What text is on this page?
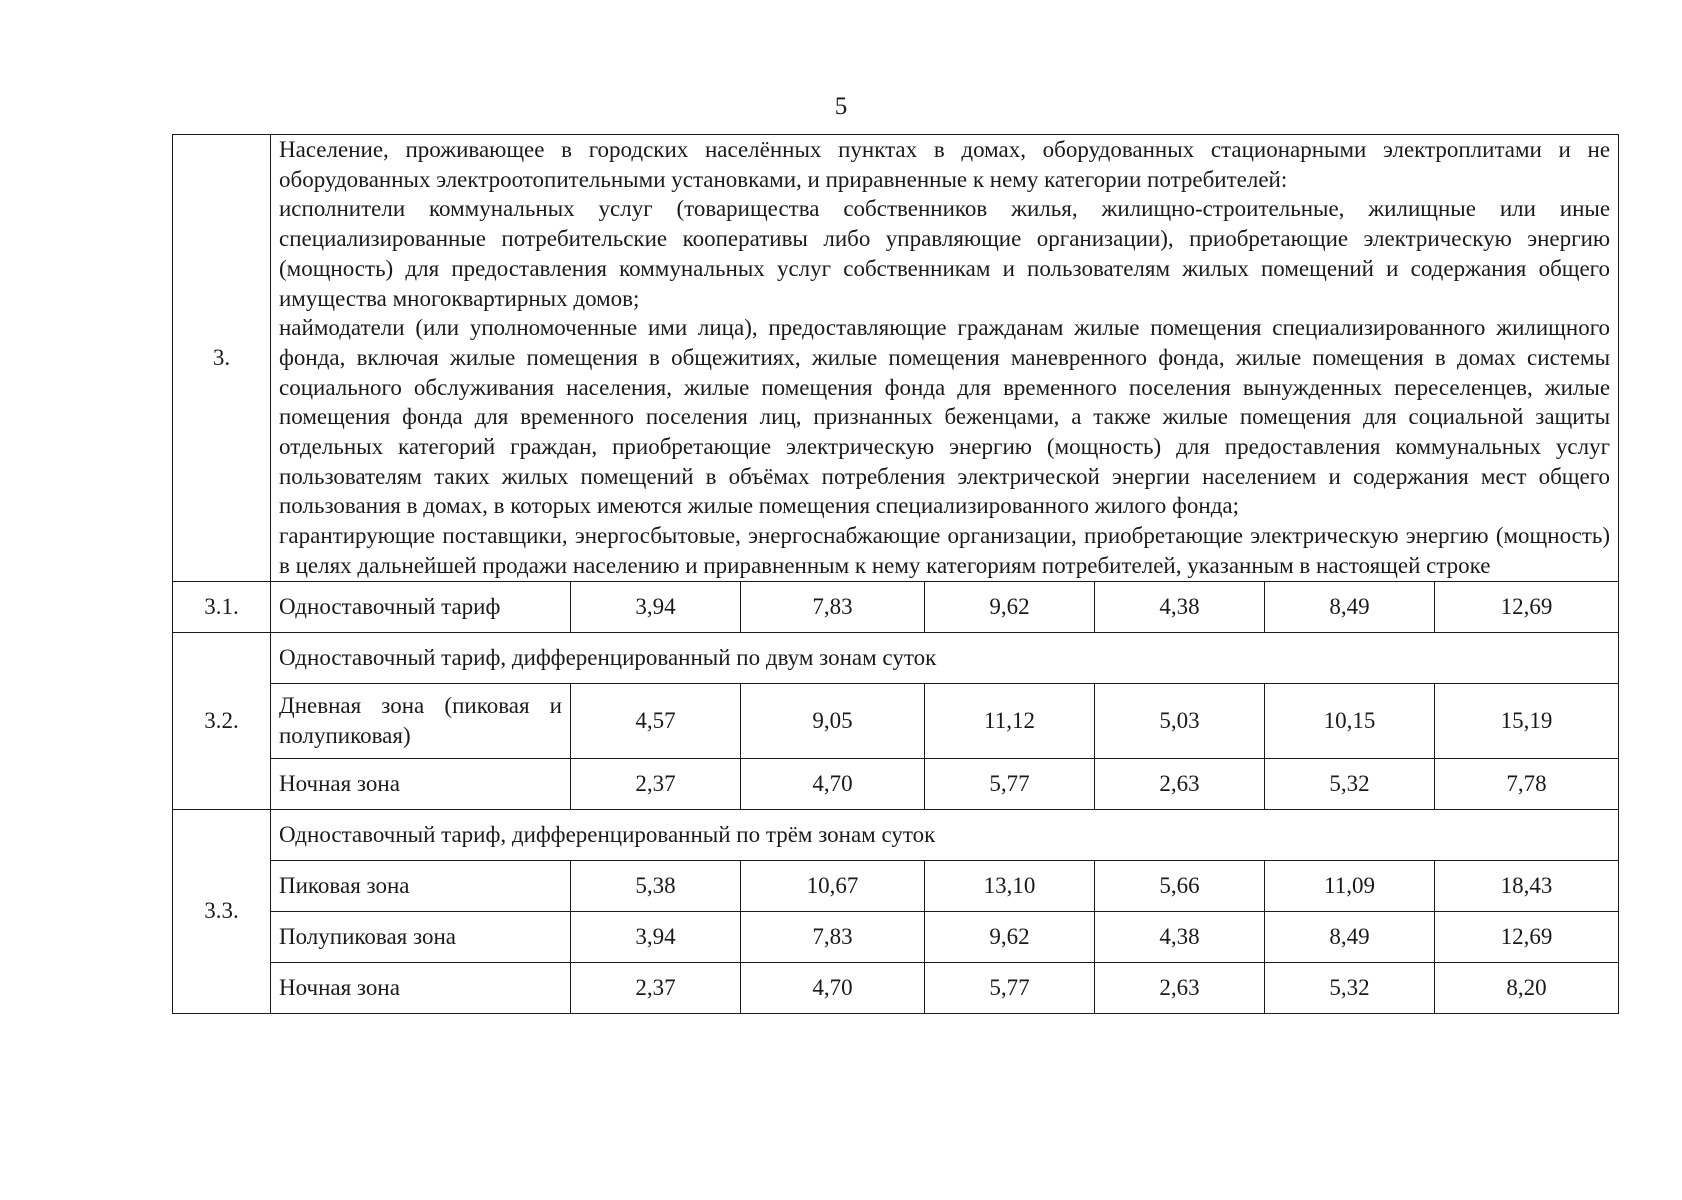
5
3.	Население, проживающее в городских населённых пунктах в домах, оборудованных стационарными электроплитами и не оборудованных электроотопительными установками, и приравненные к нему категории потребителей:

исполнители коммунальных услуг (товарищества собственников жилья, жилищно-строительные, жилищные или иные специализированные потребительские кооперативы либо управляющие организации), приобретающие электрическую энергию (мощность) для предоставления коммунальных услуг собственникам и пользователям жилых помещений и содержания общего имущества многоквартирных домов;

наймодатели (или уполномоченные ими лица), предоставляющие гражданам жилые помещения специализированного жилищного фонда, включая жилые помещения в общежитиях, жилые помещения маневренного фонда, жилые помещения в домах системы социального обслуживания населения, жилые помещения фонда для временного поселения вынужденных переселенцев, жилые помещения фонда для временного поселения лиц, признанных беженцами, а также жилые помещения для социальной защиты отдельных категорий граждан, приобретающие электрическую энергию (мощность) для предоставления коммунальных услуг пользователям таких жилых помещений в объёмах потребления электрической энергии населением и содержания мест общего пользования в домах, в которых имеются жилые помещения специализированного жилого фонда;

гарантирующие поставщики, энергосбытовые, энергоснабжающие организации, приобретающие электрическую энергию (мощность) в целях дальнейшей продажи населению и приравненным к нему категориям потребителей, указанным в настоящей строке						

3.1.	Одноставочный тариф	3,94	7,83	9,62	4,38	8,49	12,69
3.2.	Одноставочный тариф, дифференцированный по двум зонам суток						

	Дневная зона (пиковая и полупиковая)	4,57	9,05	11,12	5,03	10,15	15,19
	Ночная зона	2,37	4,70	5,77	2,63	5,32	7,78
3.3.	Одноставочный тариф, дифференцированный по трём зонам суток						
	Пиковая зона	5,38	10,67	13,10	5,66	11,09	18,43
	Полупиковая зона	3,94	7,83	9,62	4,38	8,49	12,69
	Ночная зона	2,37	4,70	5,77	2,63	5,32	8,20
